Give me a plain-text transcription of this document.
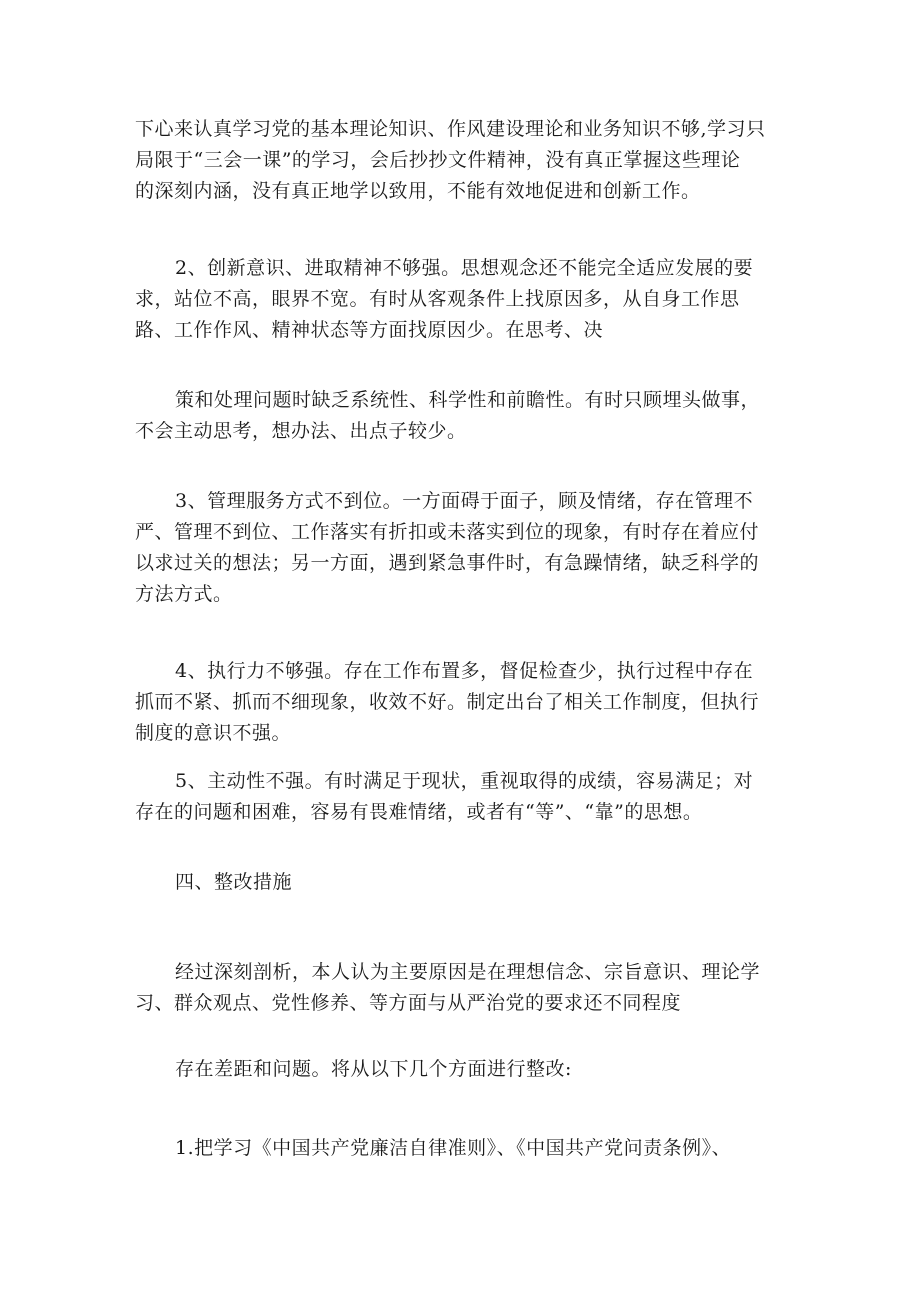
下心来认真学习党的基本理论知识、作风建设理论和业务知识不够,学习只
局限于“三会一课”的学习，会后抄抄文件精神，没有真正掌握这些理论
的深刻内涵，没有真正地学以致用，不能有效地促进和创新工作。
2、创新意识、进取精神不够强。思想观念还不能完全适应发展的要
求，站位不高，眼界不宽。有时从客观条件上找原因多，从自身工作思
路、工作作风、精神状态等方面找原因少。在思考、决
策和处理问题时缺乏系统性、科学性和前瞻性。有时只顾埋头做事，
不会主动思考，想办法、出点子较少。
3、管理服务方式不到位。一方面碍于面子，顾及情绪，存在管理不
严、管理不到位、工作落实有折扣或未落实到位的现象，有时存在着应付
以求过关的想法；另一方面，遇到紧急事件时，有急躁情绪，缺乏科学的
方法方式。
4、执行力不够强。存在工作布置多，督促检查少，执行过程中存在
抓而不紧、抓而不细现象，收效不好。制定出台了相关工作制度，但执行
制度的意识不强。
5、主动性不强。有时满足于现状，重视取得的成绩，容易满足；对
存在的问题和困难，容易有畏难情绪，或者有“等”、“靠”的思想。
四、整改措施
经过深刻剖析，本人认为主要原因是在理想信念、宗旨意识、理论学
习、群众观点、党性修养、等方面与从严治党的要求还不同程度
存在差距和问题。将从以下几个方面进行整改:
1.把学习《中国共产党廉洁自律准则》、《中国共产党问责条例》、
